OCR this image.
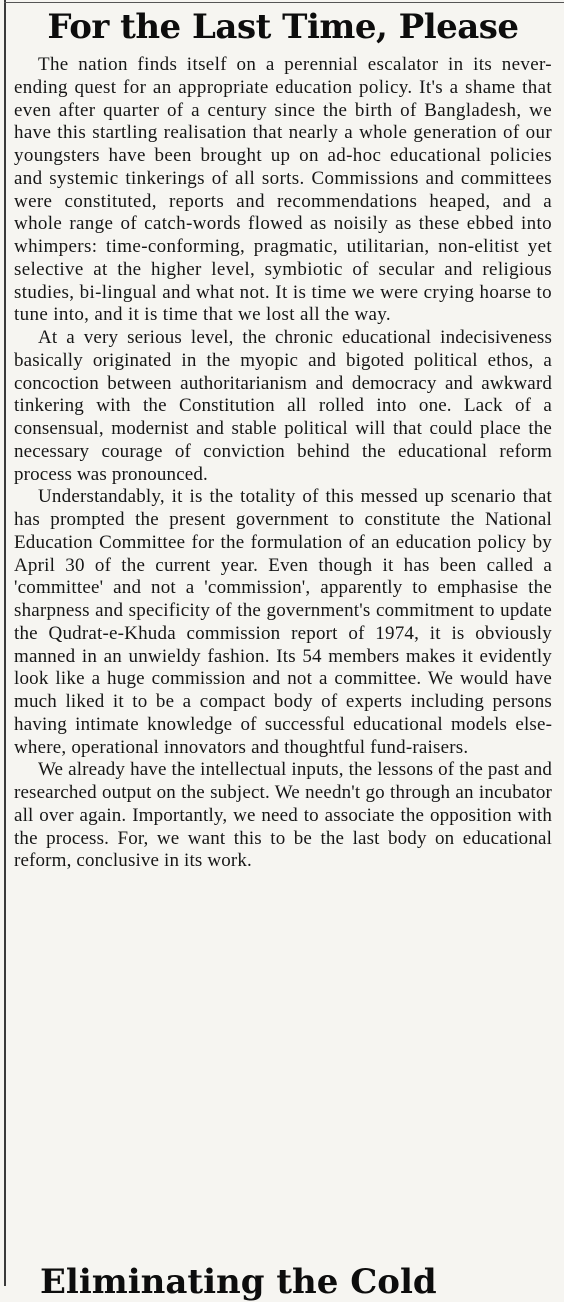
For the Last Time, Please

The nation finds itself on a perennial escalator in its never-ending quest for an appropriate education policy. It's a shame that even after quarter of a century since the birth of Bangladesh, we have this startling realisation that nearly a whole generation of our youngsters have been brought up on ad-hoc educational policies and systemic tinkerings of all sorts. Commissions and committees were constituted, reports and recommendations heaped, and a whole range of catch-words flowed as noisily as these ebbed into whimpers: time-conforming, pragmatic, utilitarian, non-elitist yet selective at the higher level, symbiotic of secular and religious studies, bi-lingual and what not. It is time we were crying hoarse to tune into, and it is time that we lost all the way.

At a very serious level, the chronic educational indecisiveness basically originated in the myopic and bigoted political ethos, a concoction between authoritarianism and democracy and awkward tinkering with the Constitution all rolled into one. Lack of a consensual, modernist and stable political will that could place the necessary courage of conviction behind the educational reform process was pronounced.

Understandably, it is the totality of this messed up scenario that has prompted the present government to constitute the National Education Committee for the formulation of an education policy by April 30 of the current year. Even though it has been called a 'committee' and not a 'commission', apparently to emphasise the sharpness and specificity of the government's commitment to update the Qudrat-e-Khuda commission report of 1974, it is obviously manned in an unwieldy fashion. Its 54 members makes it evidently look like a huge commission and not a committee. We would have much liked it to be a compact body of experts including persons having intimate knowledge of successful educational models elsewhere, operational innovators and thoughtful fund-raisers.

We already have the intellectual inputs, the lessons of the past and researched output on the subject. We needn't go through an incubator all over again. Importantly, we need to associate the opposition with the process. For, we want this to be the last body on educational reform, conclusive in its work.

Eliminating the Cold
